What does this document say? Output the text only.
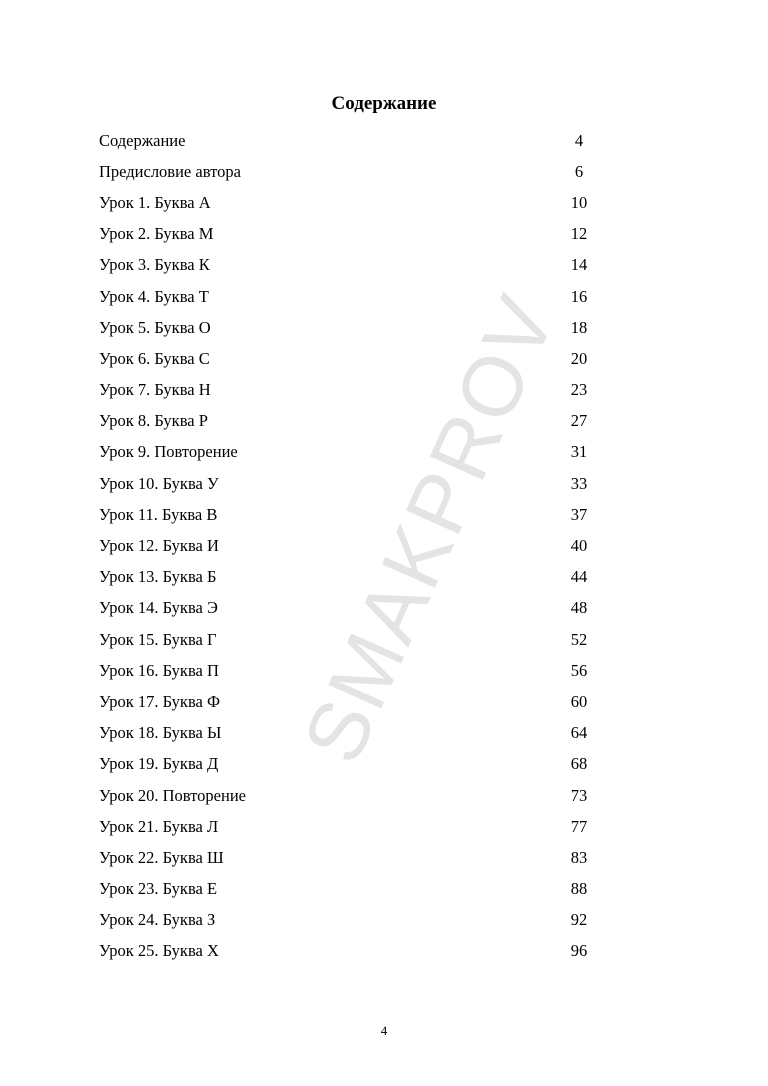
SMAKPROV
Содержание
Содержание	4
Предисловие автора	6
Урок 1. Буква А	10
Урок 2. Буква М	12
Урок 3. Буква К	14
Урок 4. Буква Т	16
Урок 5. Буква О	18
Урок 6. Буква С	20
Урок 7. Буква Н	23
Урок 8. Буква Р	27
Урок 9. Повторение	31
Урок 10. Буква У	33
Урок 11. Буква В	37
Урок 12. Буква И	40
Урок 13. Буква Б	44
Урок 14. Буква Э	48
Урок 15. Буква Г	52
Урок 16. Буква П	56
Урок 17. Буква Ф	60
Урок 18. Буква Ы	64
Урок 19. Буква Д	68
Урок 20. Повторение	73
Урок 21. Буква Л	77
Урок 22. Буква Ш	83
Урок 23. Буква Е	88
Урок 24. Буква З	92
Урок 25. Буква Х	96
4
